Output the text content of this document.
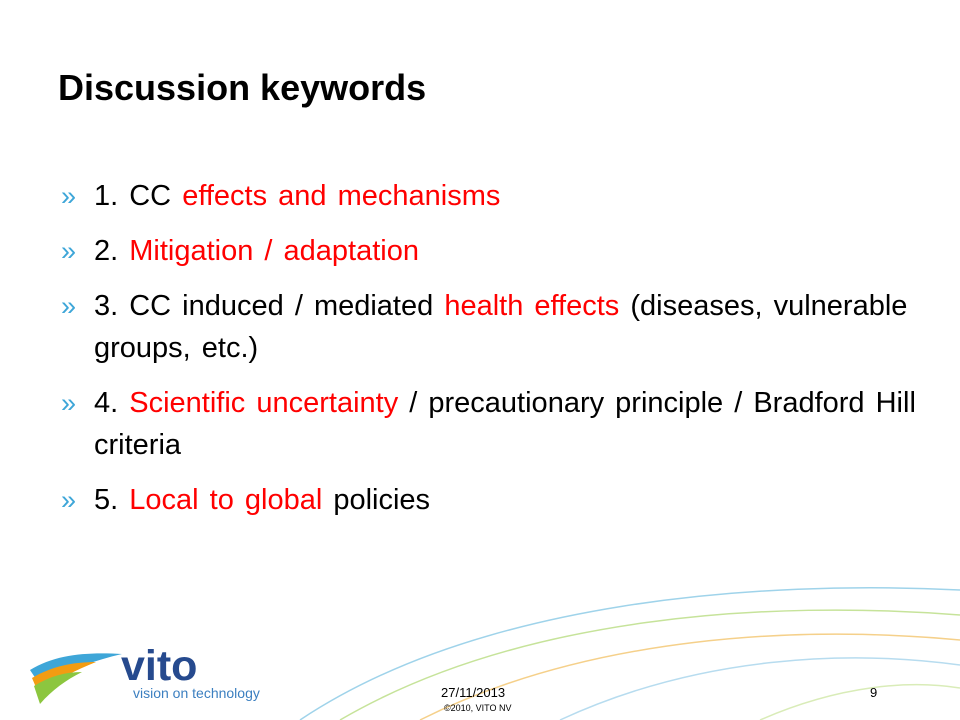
Discussion keywords
» 1. CC effects and mechanisms
» 2. Mitigation / adaptation
» 3. CC induced / mediated health effects (diseases, vulnerable groups, etc.)
» 4. Scientific uncertainty / precautionary principle / Bradford Hill criteria
» 5. Local to global policies
vito
vision on technology	27/11/2013
©2010, VITO NV
9
